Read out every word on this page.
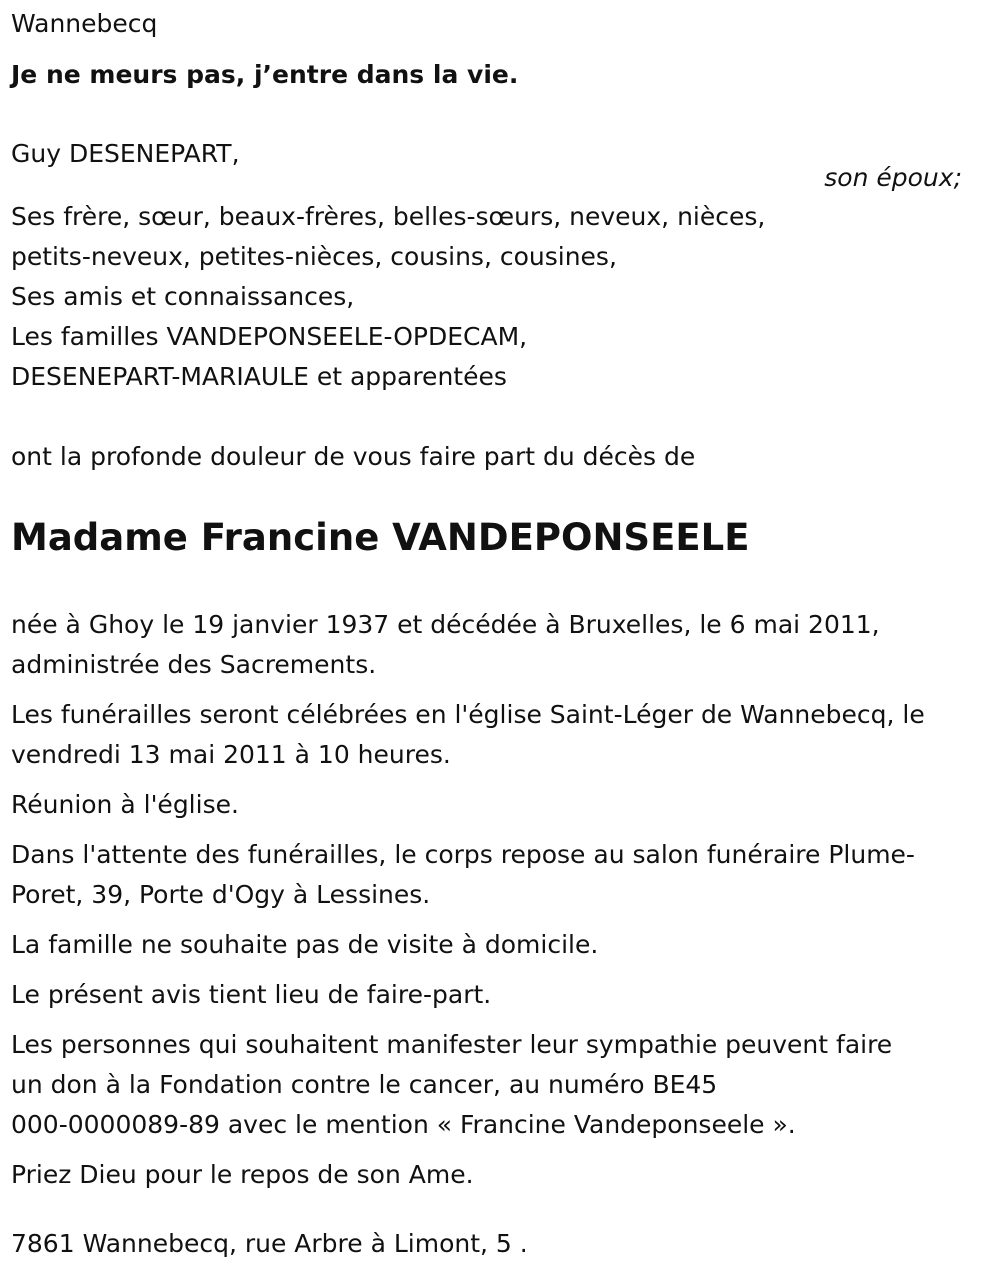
Wannebecq
Je ne meurs pas, j’entre dans la vie.
Guy DESENEPART,
son époux;
Ses frère, sœur, beaux-frères, belles-sœurs, neveux, nièces,
petits-neveux, petites-nièces, cousins, cousines,
Ses amis et connaissances,
Les familles VANDEPONSEELE-OPDECAM,
DESENEPART-MARIAULE et apparentées
ont la profonde douleur de vous faire part du décès de
Madame Francine VANDEPONSEELE
née à Ghoy le 19 janvier 1937 et décédée à Bruxelles, le 6 mai 2011,
administrée des Sacrements.
Les funérailles seront célébrées en l'église Saint-Léger de Wannebecq, le
vendredi 13 mai 2011 à 10 heures.
Réunion à l'église.
Dans l'attente des funérailles, le corps repose au salon funéraire Plume-
Poret, 39, Porte d'Ogy à Lessines.
La famille ne souhaite pas de visite à domicile.
Le présent avis tient lieu de faire-part.
Les personnes qui souhaitent manifester leur sympathie peuvent faire
un don à la Fondation contre le cancer, au numéro BE45
000-0000089-89 avec le mention « Francine Vandeponseele ».
Priez Dieu pour le repos de son Ame.
7861 Wannebecq, rue Arbre à Limont, 5 .
